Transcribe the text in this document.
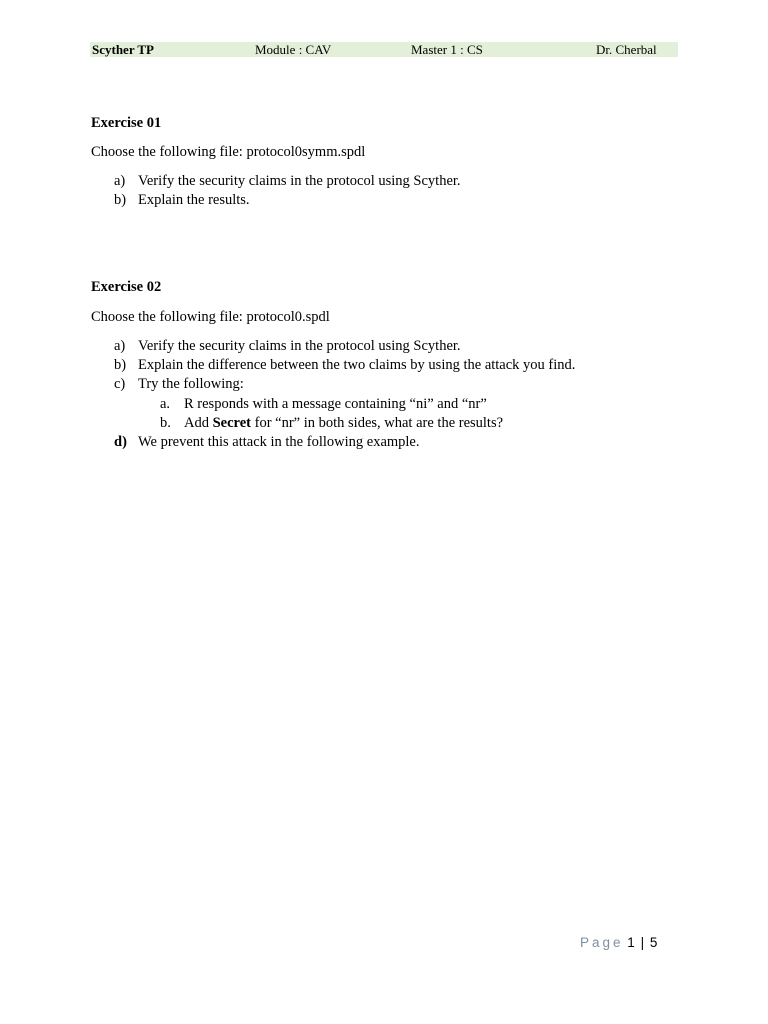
Scyther TP	Module : CAV	Master 1 : CS	Dr. Cherbal
Exercise 01
Choose the following file: protocol0symm.spdl
a) Verify the security claims in the protocol using Scyther.
b) Explain the results.
Exercise 02
Choose the following file: protocol0.spdl
a) Verify the security claims in the protocol using Scyther.
b) Explain the difference between the two claims by using the attack you find.
c) Try the following:
a. R responds with a message containing “ni” and “nr”
b. Add Secret for “nr” in both sides, what are the results?
d) We prevent this attack in the following example.
Page 1 | 5
